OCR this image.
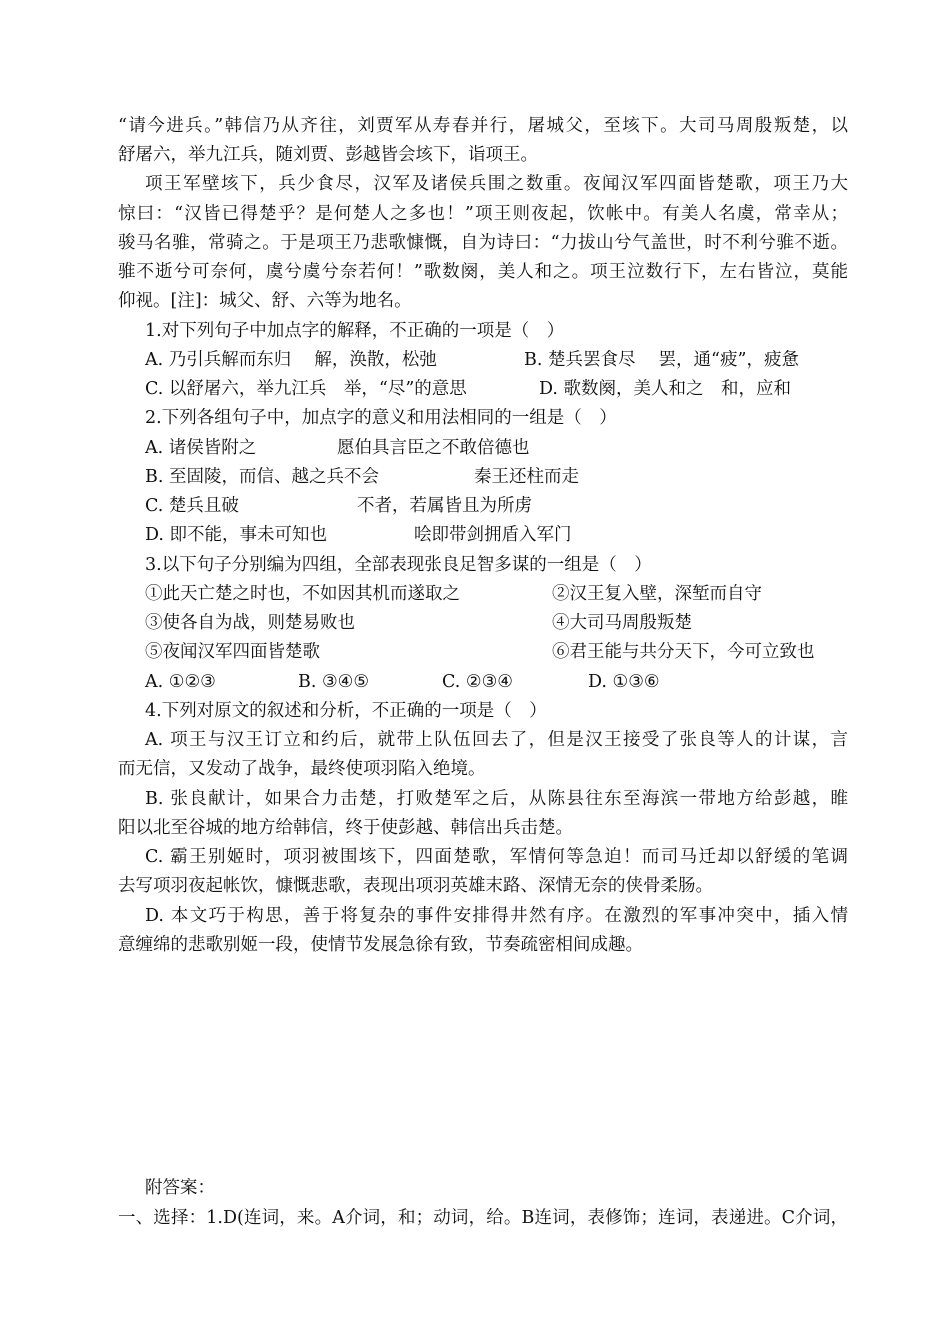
“请今进兵。”韩信乃从齐往，刘贾军从寿春并行，屠城父，至垓下。大司马周殷叛楚，以
舒屠六，举九江兵，随刘贾、彭越皆会垓下，诣项王。
项王军壁垓下，兵少食尽，汉军及诸侯兵围之数重。夜闻汉军四面皆楚歌，项王乃大
惊曰：“汉皆已得楚乎？是何楚人之多也！”项王则夜起，饮帐中。有美人名虞，常幸从；
骏马名骓，常骑之。于是项王乃悲歌慷慨，自为诗曰：“力拔山兮气盖世，时不利兮骓不逝。
骓不逝兮可奈何，虞兮虞兮奈若何！”歌数阕，美人和之。项王泣数行下，左右皆泣，莫能
仰视。[注]：城父、舒、六等为地名。
1.对下列句子中加点字的解释，不正确的一项是（　）
A. 乃引兵解而东归　 解，涣散，松弛	B. 楚兵罢食尽　 罢，通“疲”，疲惫
C. 以舒屠六，举九江兵　举，“尽”的意思	D. 歌数阕，美人和之　和，应和
2.下列各组句子中，加点字的意义和用法相同的一组是（　）
A. 诸侯皆附之	愿伯具言臣之不敢倍德也
B. 至固陵，而信、越之兵不会	秦王还柱而走
C. 楚兵且破	不者，若属皆且为所虏
D. 即不能，事未可知也	哙即带剑拥盾入军门
3.以下句子分别编为四组，全部表现张良足智多谋的一组是（　）
①此天亡楚之时也，不如因其机而遂取之	②汉王复入壁，深堑而自守
③使各自为战，则楚易败也	④大司马周殷叛楚
⑤夜闻汉军四面皆楚歌	⑥君王能与共分天下，今可立致也
A. ①②③	B. ③④⑤	C. ②③④	D. ①③⑥
4.下列对原文的叙述和分析，不正确的一项是（　）
A. 项王与汉王订立和约后，就带上队伍回去了，但是汉王接受了张良等人的计谋，言
而无信，又发动了战争，最终使项羽陷入绝境。
B. 张良献计，如果合力击楚，打败楚军之后，从陈县往东至海滨一带地方给彭越，睢
阳以北至谷城的地方给韩信，终于使彭越、韩信出兵击楚。
C. 霸王别姬时，项羽被围垓下，四面楚歌，军情何等急迫！而司马迁却以舒缓的笔调
去写项羽夜起帐饮，慷慨悲歌，表现出项羽英雄末路、深情无奈的侠骨柔肠。
D. 本文巧于构思，善于将复杂的事件安排得井然有序。在激烈的军事冲突中，插入情
意缠绵的悲歌别姬一段，使情节发展急徐有致，节奏疏密相间成趣。
附答案：
一、选择：1.D(连词，来。A介词，和；动词，给。B连词，表修饰；连词，表递进。C介词，
